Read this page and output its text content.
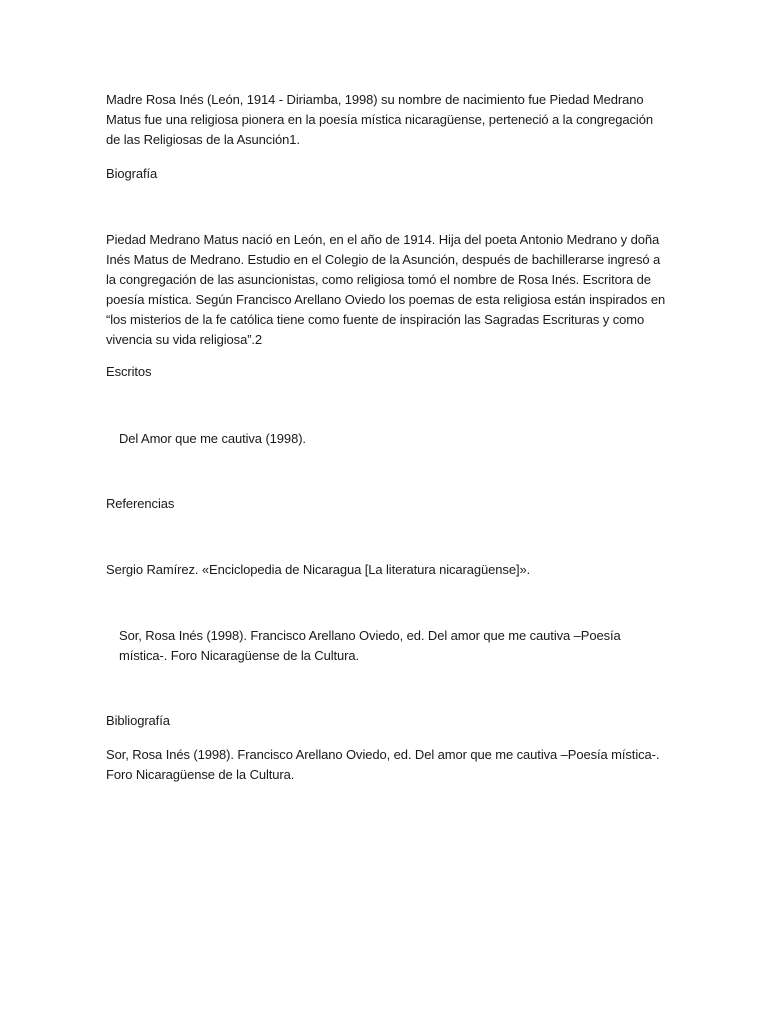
Madre Rosa Inés (León, 1914 - Diriamba, 1998) su nombre de nacimiento fue Piedad Medrano Matus fue una religiosa pionera en la poesía mística nicaragüense, perteneció a la congregación de las Religiosas de la Asunción1.

Biografía

Piedad Medrano Matus nació en León, en el año de 1914. Hija del poeta Antonio Medrano y doña Inés Matus de Medrano. Estudio en el Colegio de la Asunción, después de bachillerarse ingresó a la congregación de las asuncionistas, como religiosa tomó el nombre de Rosa Inés. Escritora de poesía mística. Según Francisco Arellano Oviedo los poemas de esta religiosa están inspirados en “los misterios de la fe católica tiene como fuente de inspiración las Sagradas Escrituras y como vivencia su vida religiosa”.2

Escritos

Del Amor que me cautiva (1998).

Referencias

Sergio Ramírez. «Enciclopedia de Nicaragua [La literatura nicaragüense]».

Sor, Rosa Inés (1998). Francisco Arellano Oviedo, ed. Del amor que me cautiva –Poesía mística-. Foro Nicaragüense de la Cultura.

Bibliografía

Sor, Rosa Inés (1998). Francisco Arellano Oviedo, ed. Del amor que me cautiva –Poesía mística-. Foro Nicaragüense de la Cultura.
